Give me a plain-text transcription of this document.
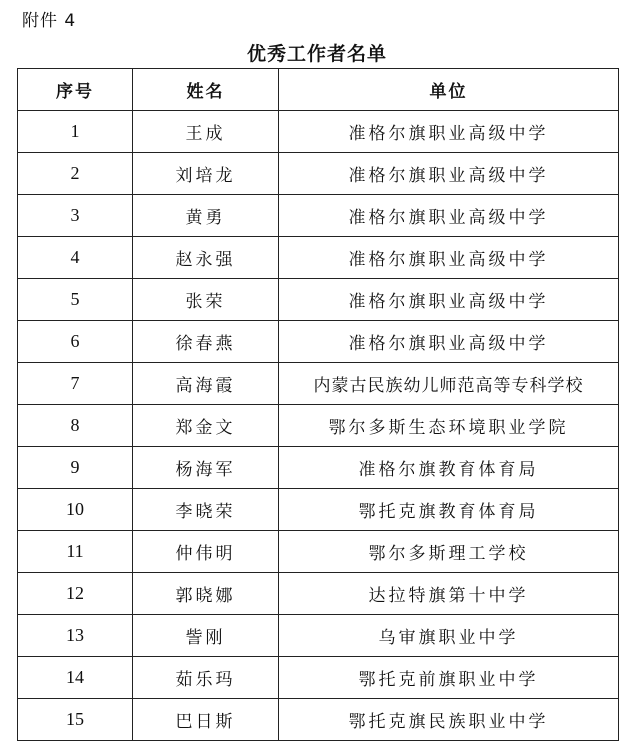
附件 4
优秀工作者名单
序号	姓名	单位
1	王成	准格尔旗职业高级中学
2	刘培龙	准格尔旗职业高级中学
3	黄勇	准格尔旗职业高级中学
4	赵永强	准格尔旗职业高级中学
5	张荣	准格尔旗职业高级中学
6	徐春燕	准格尔旗职业高级中学
7	高海霞	内蒙古民族幼儿师范高等专科学校
8	郑金文	鄂尔多斯生态环境职业学院
9	杨海军	准格尔旗教育体育局
10	李晓荣	鄂托克旗教育体育局
11	仲伟明	鄂尔多斯理工学校
12	郭晓娜	达拉特旗第十中学
13	訾刚	乌审旗职业中学
14	茹乐玛	鄂托克前旗职业中学
15	巴日斯	鄂托克旗民族职业中学
